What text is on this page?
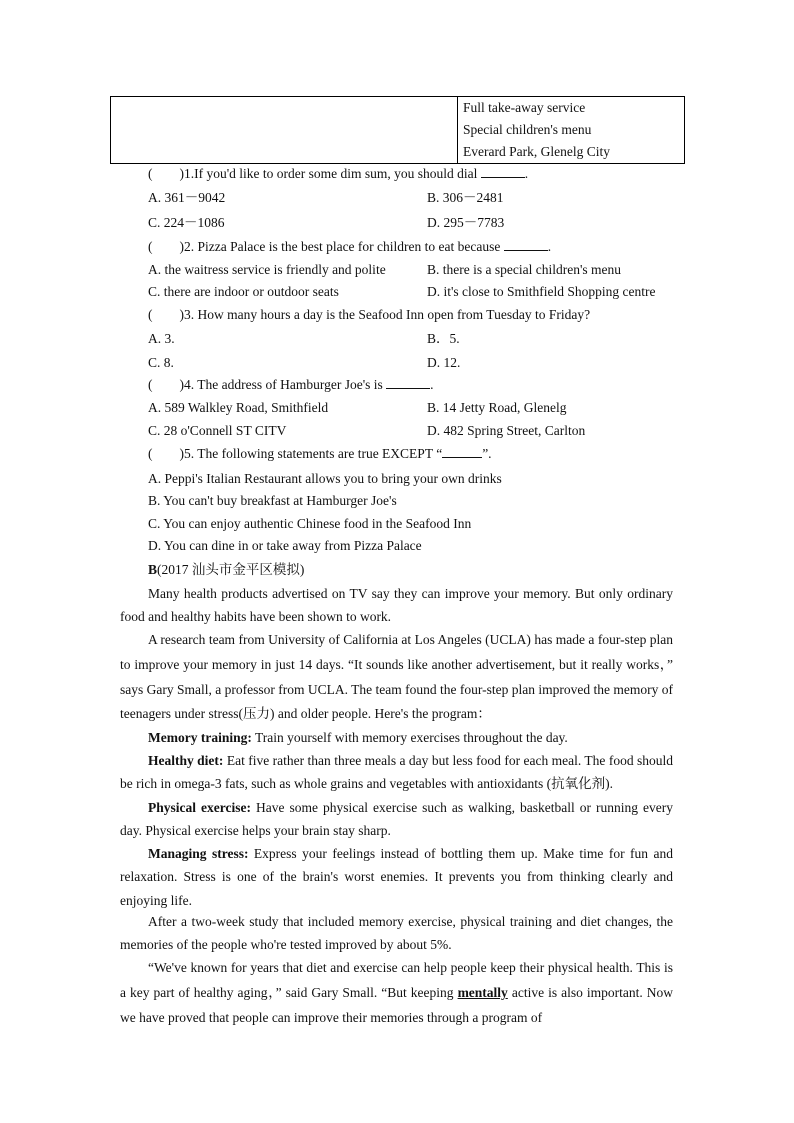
Full take-away service
Special children's menu
Everard Park, Glenelg City
(　　)1.If you'd like to order some dim sum, you should dial	.
A. 361－9042	B. 306－2481
C. 224－1086	D. 295－7783
(　　)2. Pizza Palace is the best place for children to eat because	.
A. the waitress service is friendly and polite	B. there is a special children's menu
C. there are indoor or outdoor seats	D. it's close to Smithfield Shopping centre
(　　)3. How many hours a day is the Seafood Inn open from Tuesday to Friday?
A. 3.	B．5.
C. 8.	D. 12.
(　　)4. The address of Hamburger Joe's is	.
A. 589 Walkley Road, Smithfield	B. 14 Jetty Road, Glenelg
C. 28 o'Connell ST CITV	D. 482 Spring Street, Carlton
(　　)5. The following statements are true EXCEPT “	”.
A. Peppi's Italian Restaurant allows you to bring your own drinks
B. You can't buy breakfast at Hamburger Joe's
C. You can enjoy authentic Chinese food in the Seafood Inn
D. You can dine in or take away from Pizza Palace
B(2017 汕头市金平区模拟)
Many health products advertised on TV say they can improve your memory. But only ordinary food and healthy habits have been shown to work.
A research team from University of California at Los Angeles (UCLA) has made a four-step plan to improve your memory in just 14 days. “It sounds like another advertisement, but it really works，” says Gary Small, a professor from UCLA. The team found the four-step plan improved the memory of teenagers under stress(压力) and older people. Here's the program：
Memory training: Train yourself with memory exercises throughout the day.
Healthy diet: Eat five rather than three meals a day but less food for each meal. The food should be rich in omega-3 fats, such as whole grains and vegetables with antioxidants (抗氧化剂).
Physical exercise: Have some physical exercise such as walking, basketball or running every day. Physical exercise helps your brain stay sharp.
Managing stress: Express your feelings instead of bottling them up. Make time for fun and relaxation. Stress is one of the brain's worst enemies. It prevents you from thinking clearly and enjoying life.
After a two-week study that included memory exercise, physical training and diet changes, the memories of the people who're tested improved by about 5%.
“We've known for years that diet and exercise can help people keep their physical health. This is a key part of healthy aging，” said Gary Small. “But keeping mentally active is also important. Now we have proved that people can improve their memories through a program of
